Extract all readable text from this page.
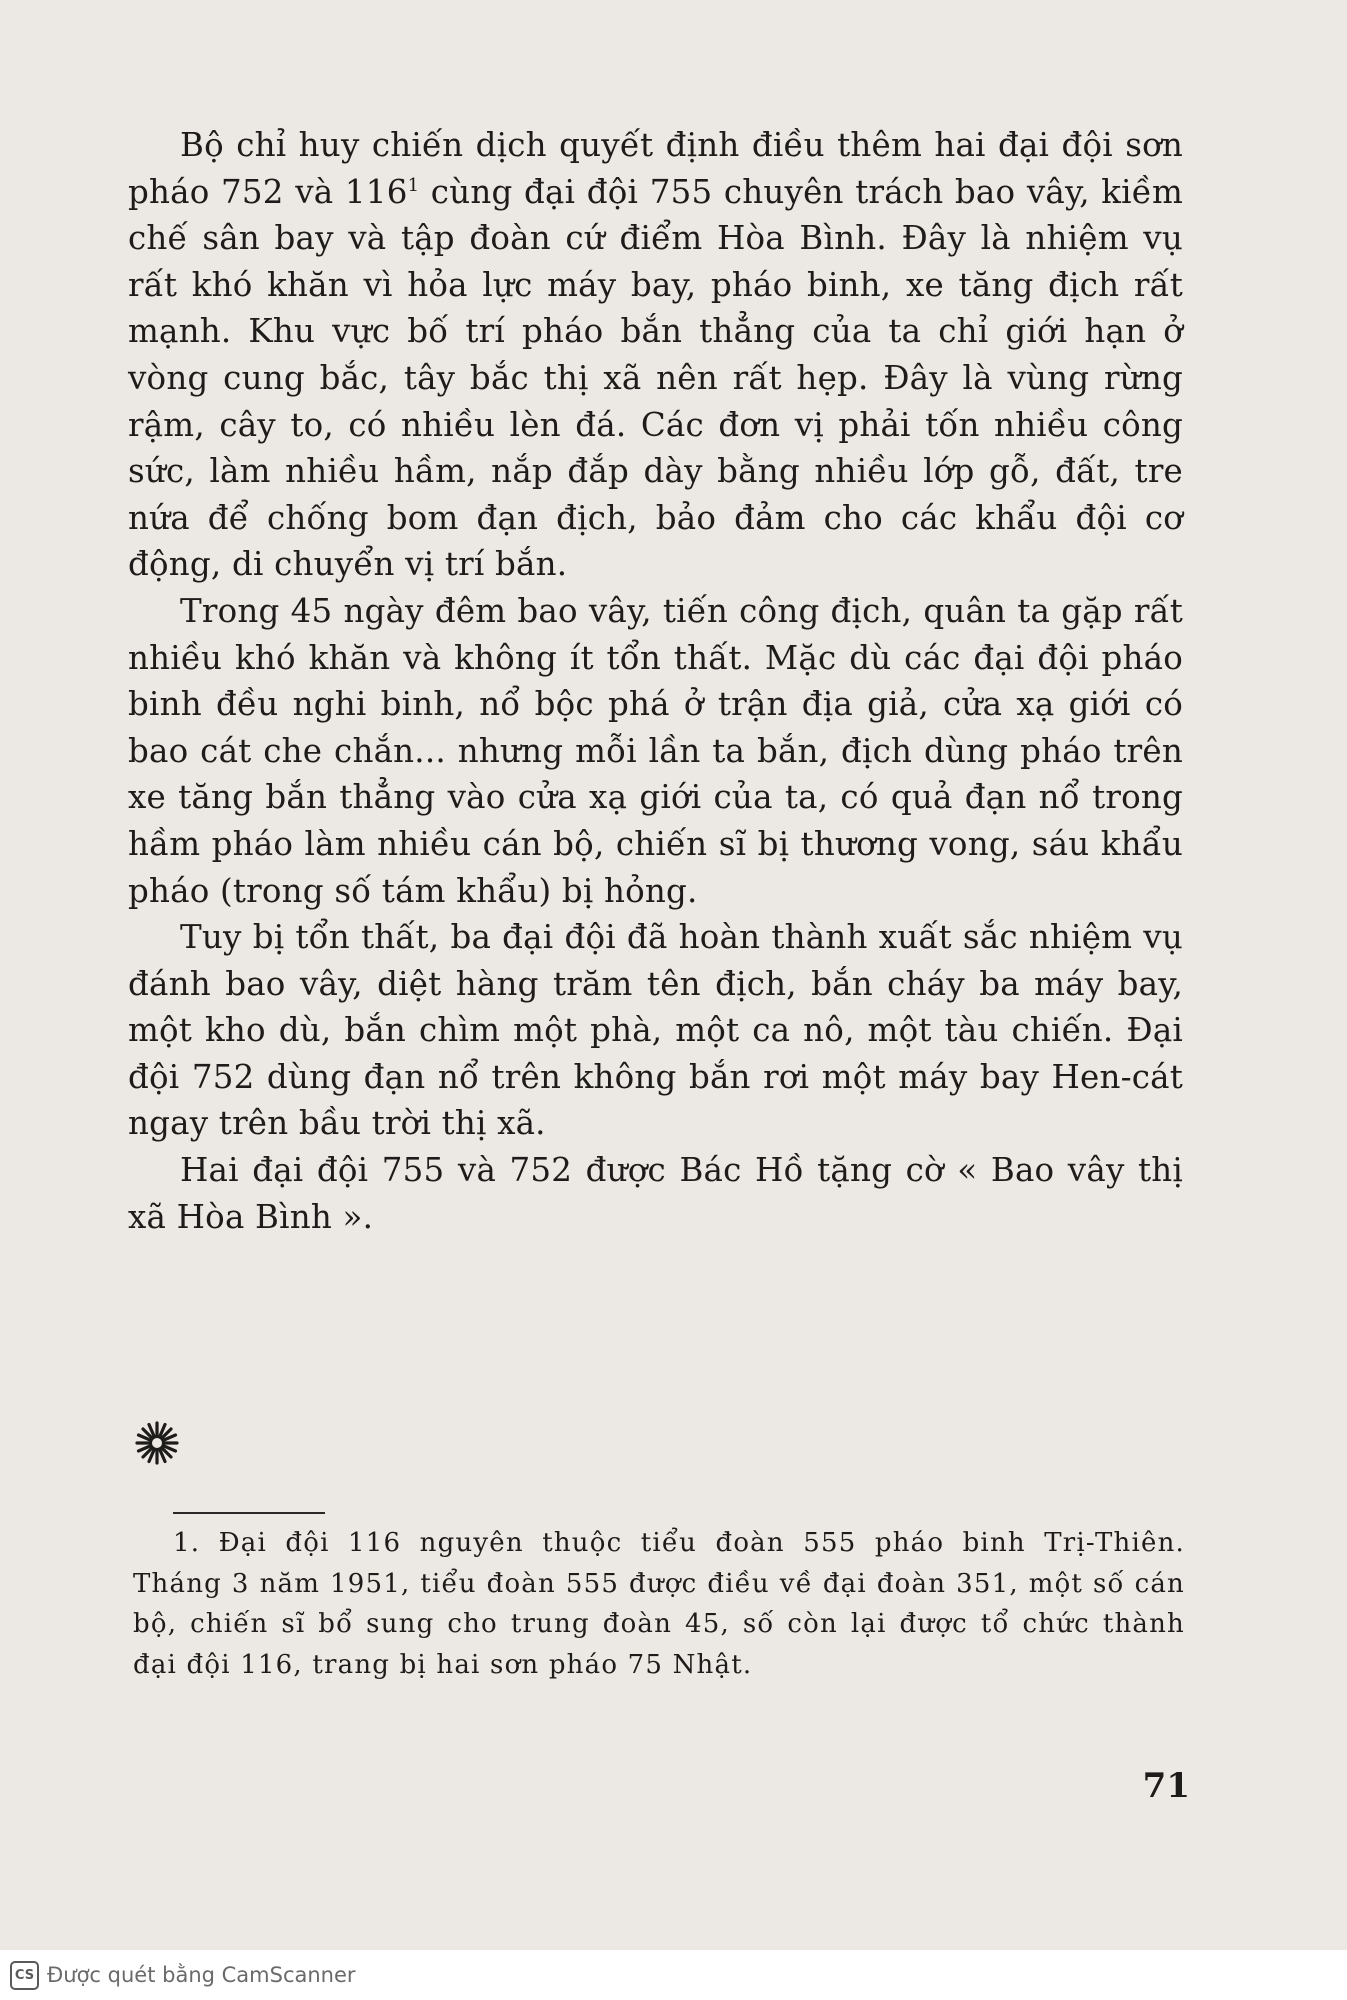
Bộ chỉ huy chiến dịch quyết định điều thêm hai đại đội sơn pháo 752 và $116^1$ cùng đại đội 755 chuyên trách bao vây, kiềm chế sân bay và tập đoàn cứ điểm Hòa Bình. Đây là nhiệm vụ rất khó khăn vì hỏa lực máy bay, pháo binh, xe tăng địch rất mạnh. Khu vực bố trí pháo bắn thẳng của ta chỉ giới hạn ở vòng cung bắc, tây bắc thị xã nên rất hẹp. Đây là vùng rừng rậm, cây to, có nhiều lèn đá. Các đơn vị phải tốn nhiều công sức, làm nhiều hầm, nắp đắp dày bằng nhiều lớp gỗ, đất, tre nứa để chống bom đạn địch, bảo đảm cho các khẩu đội cơ động, di chuyển vị trí bắn.

Trong 45 ngày đêm bao vây, tiến công địch, quân ta gặp rất nhiều khó khăn và không ít tổn thất. Mặc dù các đại đội pháo binh đều nghi binh, nổ bộc phá ở trận địa giả, cửa xạ giới có bao cát che chắn... nhưng mỗi lần ta bắn, địch dùng pháo trên xe tăng bắn thẳng vào cửa xạ giới của ta, có quả đạn nổ trong hầm pháo làm nhiều cán bộ, chiến sĩ bị thương vong, sáu khẩu pháo (trong số tám khẩu) bị hỏng.

Tuy bị tổn thất, ba đại đội đã hoàn thành xuất sắc nhiệm vụ đánh bao vây, diệt hàng trăm tên địch, bắn cháy ba máy bay, một kho dù, bắn chìm một phà, một ca nô, một tàu chiến. Đại đội 752 dùng đạn nổ trên không bắn rơi một máy bay Hen-cát ngay trên bầu trời thị xã.

Hai đại đội 755 và 752 được Bác Hồ tặng cờ « Bao vây thị xã Hòa Bình ».

1. Đại đội 116 nguyên thuộc tiểu đoàn 555 pháo binh Trị-Thiên. Tháng 3 năm 1951, tiểu đoàn 555 được điều về đại đoàn 351, một số cán bộ, chiến sĩ bổ sung cho trung đoàn 45, số còn lại được tổ chức thành đại đội 116, trang bị hai sơn pháo 75 Nhật.

71
CS Được quét bằng CamScanner
